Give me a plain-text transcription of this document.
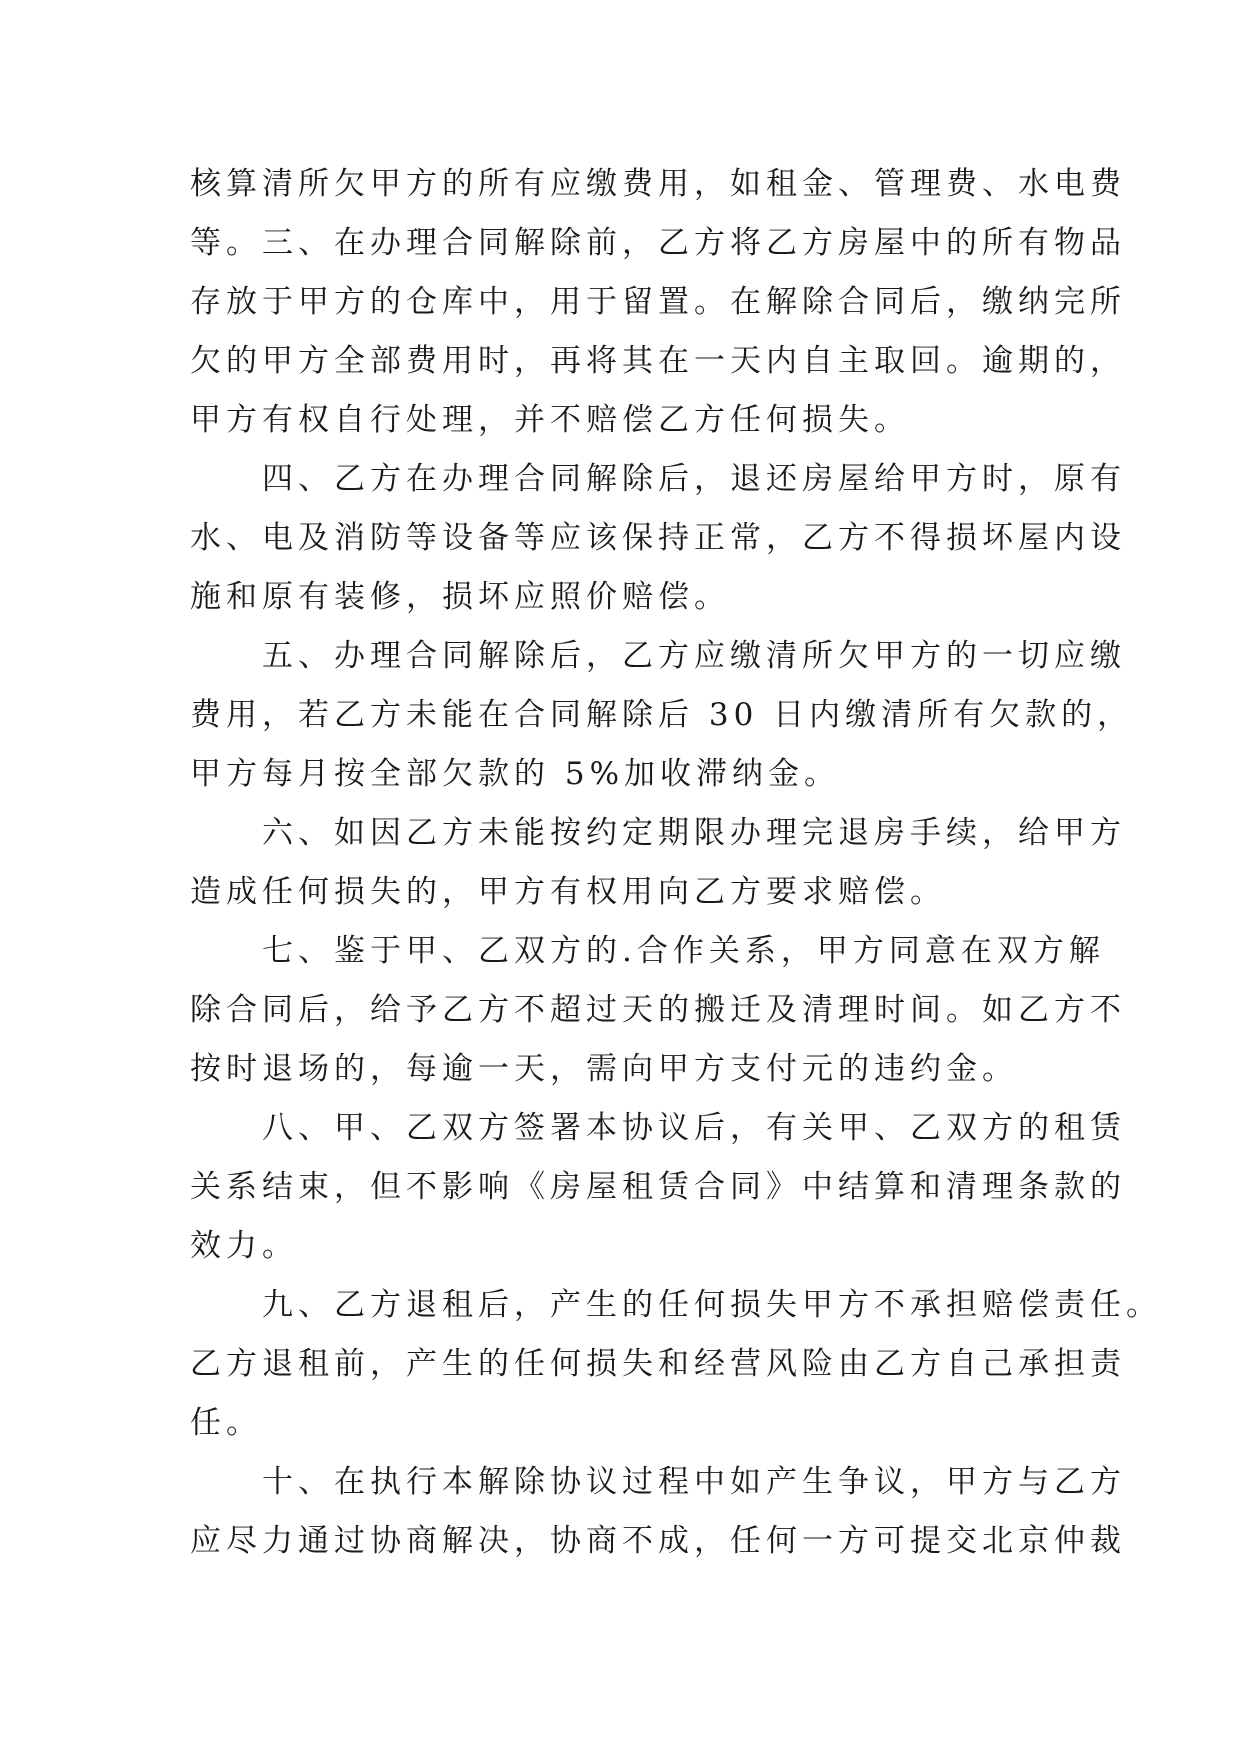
核算清所欠甲方的所有应缴费用，如租金、管理费、水电费
等。三、在办理合同解除前，乙方将乙方房屋中的所有物品
存放于甲方的仓库中，用于留置。在解除合同后，缴纳完所
欠的甲方全部费用时，再将其在一天内自主取回。逾期的，
甲方有权自行处理，并不赔偿乙方任何损失。
四、乙方在办理合同解除后，退还房屋给甲方时，原有
水、电及消防等设备等应该保持正常，乙方不得损坏屋内设
施和原有装修，损坏应照价赔偿。
五、办理合同解除后，乙方应缴清所欠甲方的一切应缴
费用，若乙方未能在合同解除后 30 日内缴清所有欠款的，
甲方每月按全部欠款的 5%加收滞纳金。
六、如因乙方未能按约定期限办理完退房手续，给甲方
造成任何损失的，甲方有权用向乙方要求赔偿。
七、鉴于甲、乙双方的.合作关系，甲方同意在双方解
除合同后，给予乙方不超过天的搬迁及清理时间。如乙方不
按时退场的，每逾一天，需向甲方支付元的违约金。
八、甲、乙双方签署本协议后，有关甲、乙双方的租赁
关系结束，但不影响《房屋租赁合同》中结算和清理条款的
效力。
九、乙方退租后，产生的任何损失甲方不承担赔偿责任。
乙方退租前，产生的任何损失和经营风险由乙方自己承担责
任。
十、在执行本解除协议过程中如产生争议，甲方与乙方
应尽力通过协商解决，协商不成，任何一方可提交北京仲裁
